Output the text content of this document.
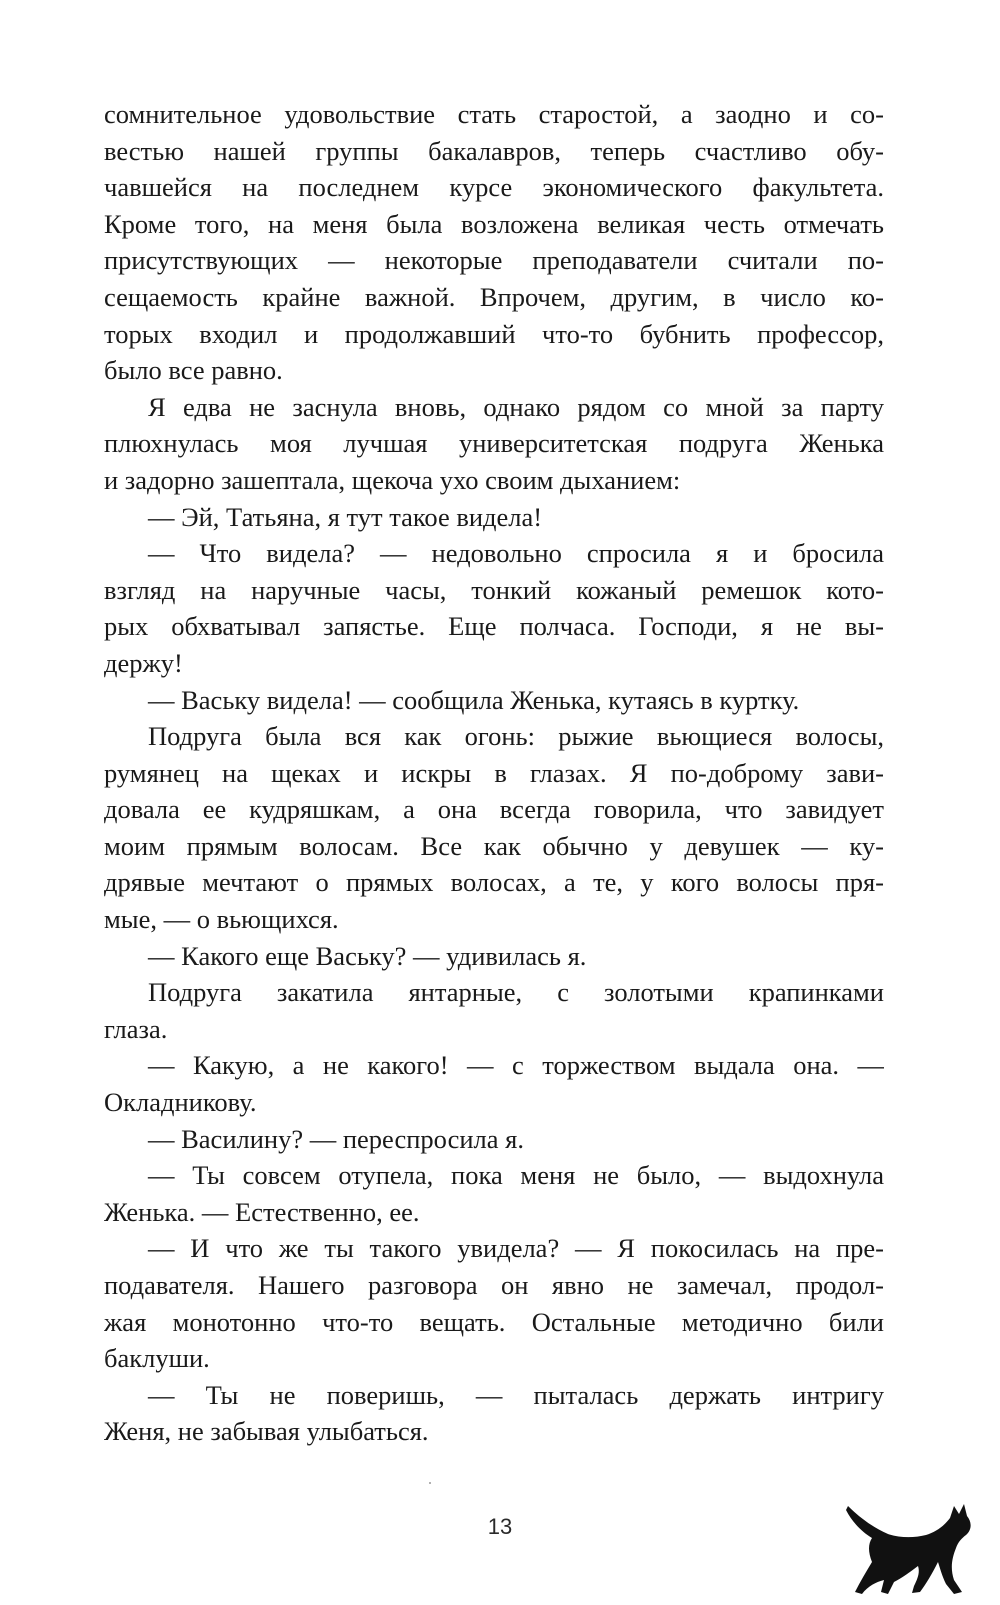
сомнительное удовольствие стать старостой, а заодно и со-
вестью нашей группы бакалавров, теперь счастливо обу-
чавшейся на последнем курсе экономического факультета.
Кроме того, на меня была возложена великая честь отмечать
присутствующих — некоторые преподаватели считали по-
сещаемость крайне важной. Впрочем, другим, в число ко-
торых входил и продолжавший что-то бубнить профессор,
было все равно.
Я едва не заснула вновь, однако рядом со мной за парту
плюхнулась моя лучшая университетская подруга Женька
и задорно зашептала, щекоча ухо своим дыханием:
— Эй, Татьяна, я тут такое видела!
— Что видела? — недовольно спросила я и бросила
взгляд на наручные часы, тонкий кожаный ремешок кото-
рых обхватывал запястье. Еще полчаса. Господи, я не вы-
держу!
— Ваську видела! — сообщила Женька, кутаясь в куртку.
Подруга была вся как огонь: рыжие вьющиеся волосы,
румянец на щеках и искры в глазах. Я по-доброму зави-
довала ее кудряшкам, а она всегда говорила, что завидует
моим прямым волосам. Все как обычно у девушек — ку-
дрявые мечтают о прямых волосах, а те, у кого волосы пря-
мые, — о вьющихся.
— Какого еще Ваську? — удивилась я.
Подруга закатила янтарные, с золотыми крапинками
глаза.
— Какую, а не какого! — с торжеством выдала она. —
Окладникову.
— Василину? — переспросила я.
— Ты совсем отупела, пока меня не было, — выдохнула
Женька. — Естественно, ее.
— И что же ты такого увидела? — Я покосилась на пре-
подавателя. Нашего разговора он явно не замечал, продол-
жая монотонно что-то вещать. Остальные методично били
баклуши.
— Ты не поверишь, — пыталась держать интригу
Женя, не забывая улыбаться.
13
